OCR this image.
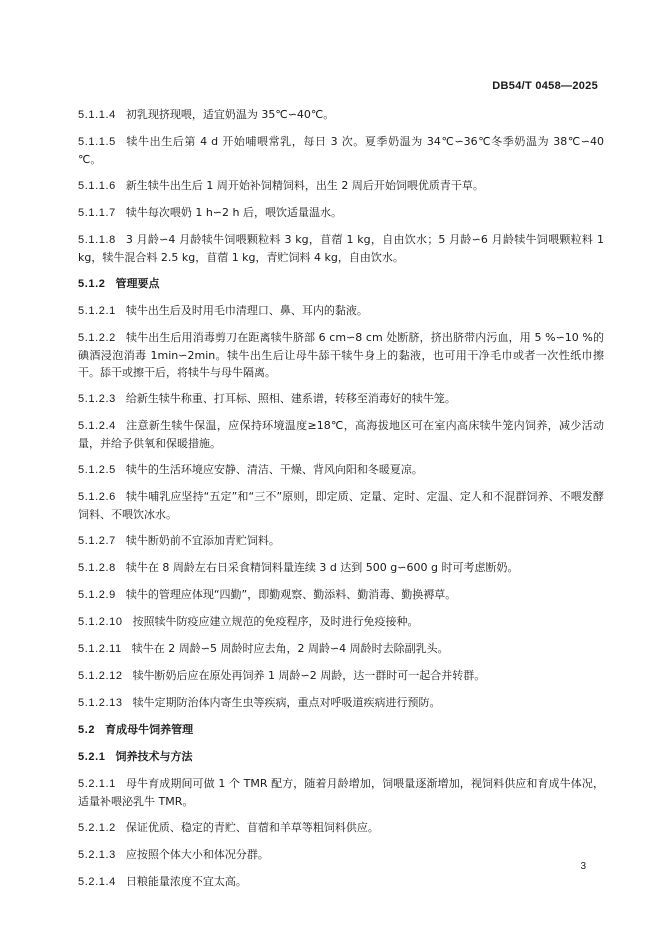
DB54/T 0458—2025

5.1.1.4 初乳现挤现喂，适宜奶温为 35℃∽40℃。

5.1.1.5 犊牛出生后第 4 d 开始哺喂常乳，每日 3 次。夏季奶温为 34℃∽36℃冬季奶温为 38℃∽40 ℃。

5.1.1.6 新生犊牛出生后 1 周开始补饲精饲料，出生 2 周后开始饲喂优质青干草。

5.1.1.7 犊牛每次喂奶 1 h∽2 h 后，喂饮适量温水。

5.1.1.8 3 月龄∽4 月龄犊牛饲喂颗粒料 3 kg，苜蓿 1 kg，自由饮水；5 月龄∽6 月龄犊牛饲喂颗粒料 1 kg，犊牛混合料 2.5 kg，苜蓿 1 kg，青贮饲料 4 kg，自由饮水。

5.1.2 管理要点

5.1.2.1 犊牛出生后及时用毛巾清理口、鼻、耳内的黏液。

5.1.2.2 犊牛出生后用消毒剪刀在距离犊牛脐部 6 cm∽8 cm 处断脐，挤出脐带内污血，用 5 %∽10 %的碘酒浸泡消毒 1min∽2min。犊牛出生后让母牛舔干犊牛身上的黏液，也可用干净毛巾或者一次性纸巾擦干。舔干或擦干后，将犊牛与母牛隔离。

5.1.2.3 给新生犊牛称重、打耳标、照相、建系谱，转移至消毒好的犊牛笼。

5.1.2.4 注意新生犊牛保温，应保持环境温度≥18℃，高海拔地区可在室内高床犊牛笼内饲养，减少活动量，并给予供氧和保暖措施。

5.1.2.5 犊牛的生活环境应安静、清洁、干燥、背风向阳和冬暖夏凉。

5.1.2.6 犊牛哺乳应坚持“五定”和“三不”原则，即定质、定量、定时、定温、定人和不混群饲养、不喂发酵饲料、不喂饮冰水。

5.1.2.7 犊牛断奶前不宜添加青贮饲料。

5.1.2.8 犊牛在 8 周龄左右日采食精饲料量连续 3 d 达到 500 g∽600 g 时可考虑断奶。

5.1.2.9 犊牛的管理应体现“四勤”，即勤观察、勤添料、勤消毒、勤换褥草。

5.1.2.10 按照犊牛防疫应建立规范的免疫程序，及时进行免疫接种。

5.1.2.11 犊牛在 2 周龄∽5 周龄时应去角，2 周龄∽4 周龄时去除副乳头。

5.1.2.12 犊牛断奶后应在原处再饲养 1 周龄∽2 周龄，达一群时可一起合并转群。

5.1.2.13 犊牛定期防治体内寄生虫等疾病，重点对呼吸道疾病进行预防。

5.2 育成母牛饲养管理

5.2.1 饲养技术与方法

5.2.1.1 母牛育成期间可做 1 个 TMR 配方，随着月龄增加，饲喂量逐渐增加，视饲料供应和育成牛体况，适量补喂泌乳牛 TMR。

5.2.1.2 保证优质、稳定的青贮、苜蓿和羊草等粗饲料供应。

5.2.1.3 应按照个体大小和体况分群。

5.2.1.4 日粮能量浓度不宜太高。

3
